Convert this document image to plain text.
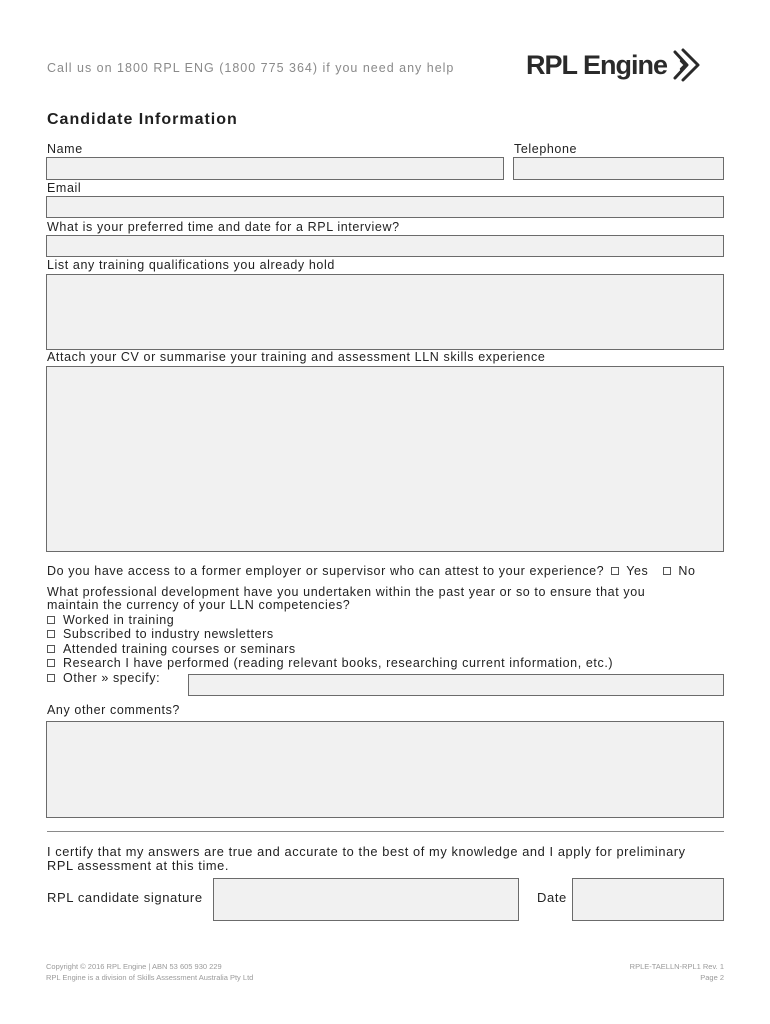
Call us on 1800 RPL ENG (1800 775 364) if you need any help	RPL Engine
Candidate Information
Name	Telephone
Email
What is your preferred time and date for a RPL interview?
List any training qualifications you already hold
Attach your CV or summarise your training and assessment LLN skills experience
Do you have access to a former employer or supervisor who can attest to your experience? Yes No
What professional development have you undertaken within the past year or so to ensure that you
maintain the currency of your LLN competencies?
Worked in training
Subscribed to industry newsletters
Attended training courses or seminars
Research I have performed (reading relevant books, researching current information, etc.)
Other » specify:
Any other comments?
I certify that my answers are true and accurate to the best of my knowledge and I apply for preliminary
RPL assessment at this time.
RPL candidate signature	Date
Copyright © 2016 RPL Engine | ABN 53 605 930 229
RPL Engine is a division of Skills Assessment Australia Pty Ltd
RPLE-TAELLN-RPL1 Rev. 1
Page 2
